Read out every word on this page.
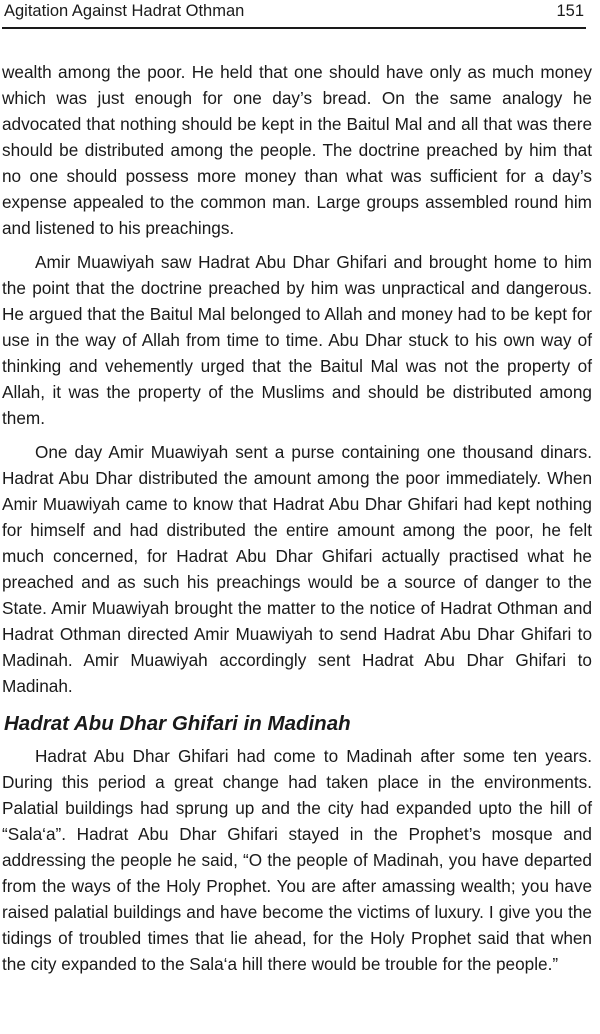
Agitation Against Hadrat Othman	151

wealth among the poor. He held that one should have only as much money which was just enough for one day’s bread. On the same analogy he advocated that nothing should be kept in the Baitul Mal and all that was there should be distributed among the people. The doctrine preached by him that no one should possess more money than what was sufficient for a day’s expense appealed to the common man. Large groups assembled round him and listened to his preachings.

Amir Muawiyah saw Hadrat Abu Dhar Ghifari and brought home to him the point that the doctrine preached by him was unpractical and dangerous. He argued that the Baitul Mal belonged to Allah and money had to be kept for use in the way of Allah from time to time. Abu Dhar stuck to his own way of thinking and vehemently urged that the Baitul Mal was not the property of Allah, it was the property of the Muslims and should be distributed among them.

One day Amir Muawiyah sent a purse containing one thousand dinars. Hadrat Abu Dhar distributed the amount among the poor immediately. When Amir Muawiyah came to know that Hadrat Abu Dhar Ghifari had kept nothing for himself and had distributed the entire amount among the poor, he felt much concerned, for Hadrat Abu Dhar Ghifari actually practised what he preached and as such his preachings would be a source of danger to the State. Amir Muawiyah brought the matter to the notice of Hadrat Othman and Hadrat Othman directed Amir Muawiyah to send Hadrat Abu Dhar Ghifari to Madinah. Amir Muawiyah accordingly sent Hadrat Abu Dhar Ghifari to Madinah.

Hadrat Abu Dhar Ghifari in Madinah

Hadrat Abu Dhar Ghifari had come to Madinah after some ten years. During this period a great change had taken place in the environments. Palatial buildings had sprung up and the city had expanded upto the hill of “Sala‘a”. Hadrat Abu Dhar Ghifari stayed in the Prophet’s mosque and addressing the people he said, “O the people of Madinah, you have departed from the ways of the Holy Prophet. You are after amassing wealth; you have raised palatial buildings and have become the victims of luxury. I give you the tidings of troubled times that lie ahead, for the Holy Prophet said that when the city expanded to the Sala‘a hill there would be trouble for the people.”
